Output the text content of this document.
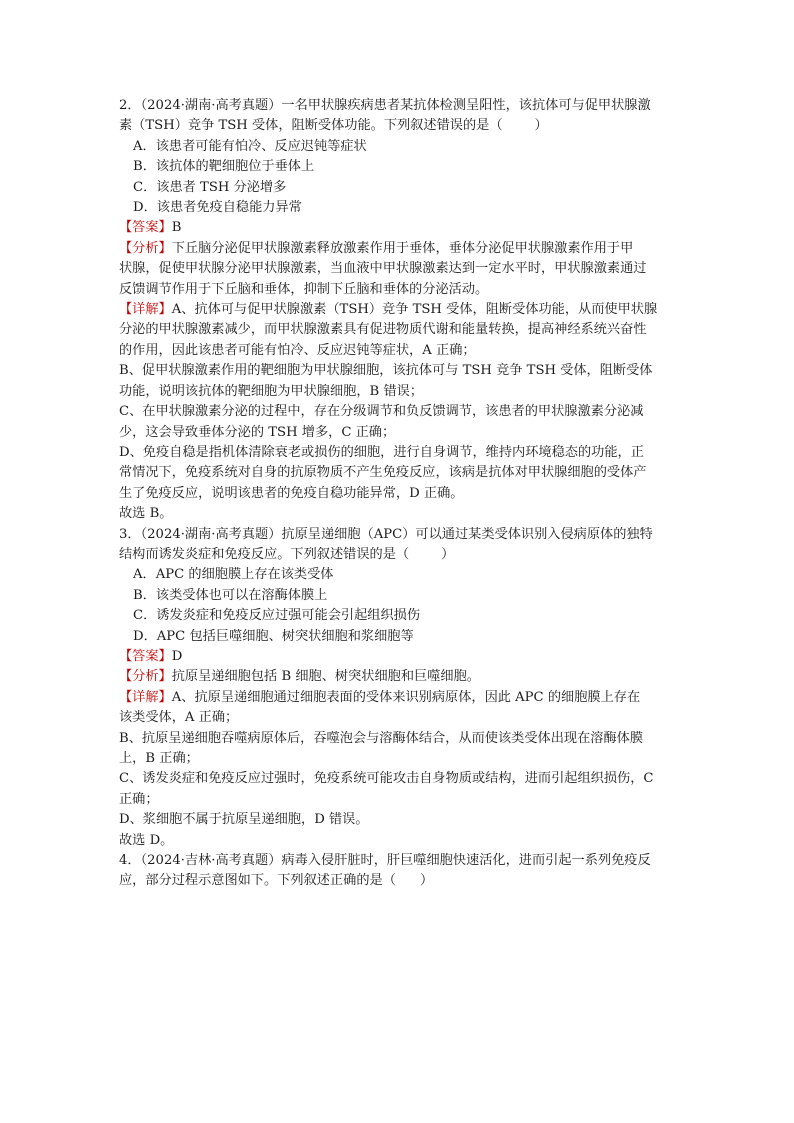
2．（2024·湖南·高考真题）一名甲状腺疾病患者某抗体检测呈阳性，该抗体可与促甲状腺激
素（TSH）竞争 TSH 受体，阻断受体功能。下列叙述错误的是（ ）
A．该患者可能有怕冷、反应迟钝等症状
B．该抗体的靶细胞位于垂体上
C．该患者 TSH 分泌增多
D．该患者免疫自稳能力异常
【答案】B
【分析】下丘脑分泌促甲状腺激素释放激素作用于垂体，垂体分泌促甲状腺激素作用于甲
状腺，促使甲状腺分泌甲状腺激素，当血液中甲状腺激素达到一定水平时，甲状腺激素通过
反馈调节作用于下丘脑和垂体，抑制下丘脑和垂体的分泌活动。
【详解】A、抗体可与促甲状腺激素（TSH）竞争 TSH 受体，阻断受体功能，从而使甲状腺
分泌的甲状腺激素减少，而甲状腺激素具有促进物质代谢和能量转换，提高神经系统兴奋性
的作用，因此该患者可能有怕冷、反应迟钝等症状，A 正确；
B、促甲状腺激素作用的靶细胞为甲状腺细胞，该抗体可与 TSH 竞争 TSH 受体，阻断受体
功能，说明该抗体的靶细胞为甲状腺细胞，B 错误；
C、在甲状腺激素分泌的过程中，存在分级调节和负反馈调节，该患者的甲状腺激素分泌减
少，这会导致垂体分泌的 TSH 增多，C 正确；
D、免疫自稳是指机体清除衰老或损伤的细胞，进行自身调节，维持内环境稳态的功能，正
常情况下，免疫系统对自身的抗原物质不产生免疫反应，该病是抗体对甲状腺细胞的受体产
生了免疫反应，说明该患者的免疫自稳功能异常，D 正确。
故选 B。
3．（2024·湖南·高考真题）抗原呈递细胞（APC）可以通过某类受体识别入侵病原体的独特
结构而诱发炎症和免疫反应。下列叙述错误的是（ ）
A．APC 的细胞膜上存在该类受体
B．该类受体也可以在溶酶体膜上
C．诱发炎症和免疫反应过强可能会引起组织损伤
D．APC 包括巨噬细胞、树突状细胞和浆细胞等
【答案】D
【分析】抗原呈递细胞包括 B 细胞、树突状细胞和巨噬细胞。
【详解】A、抗原呈递细胞通过细胞表面的受体来识别病原体，因此 APC 的细胞膜上存在
该类受体，A 正确；
B、抗原呈递细胞吞噬病原体后，吞噬泡会与溶酶体结合，从而使该类受体出现在溶酶体膜
上，B 正确；
C、诱发炎症和免疫反应过强时，免疫系统可能攻击自身物质或结构，进而引起组织损伤，C
正确；
D、浆细胞不属于抗原呈递细胞，D 错误。
故选 D。
4．（2024·吉林·高考真题）病毒入侵肝脏时，肝巨噬细胞快速活化，进而引起一系列免疫反
应，部分过程示意图如下。下列叙述正确的是（ ）
